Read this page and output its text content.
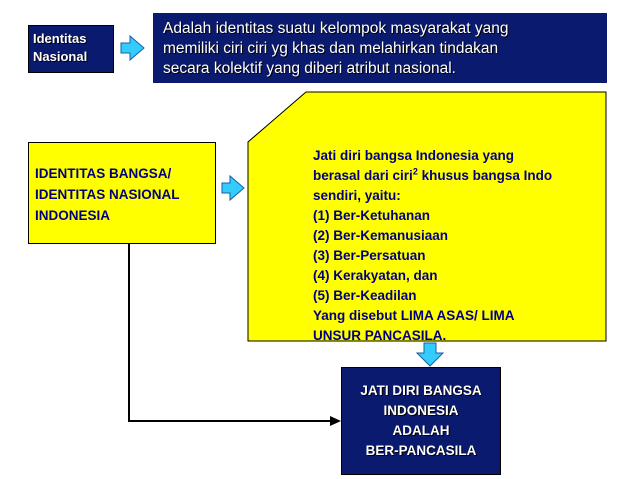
Identitas
Nasional
Adalah identitas suatu kelompok masyarakat yang
memiliki ciri ciri yg khas dan melahirkan tindakan
secara kolektif yang diberi atribut nasional.
IDENTITAS BANGSA/
IDENTITAS NASIONAL
INDONESIA
Jati diri bangsa Indonesia yang
berasal dari ciri$^2$ khusus bangsa Indo
sendiri, yaitu:
(1) Ber-Ketuhanan
(2) Ber-Kemanusiaan
(3) Ber-Persatuan
(4) Kerakyatan, dan
(5) Ber-Keadilan
Yang disebut LIMA ASAS/ LIMA
UNSUR PANCASILA.
JATI DIRI BANGSA
INDONESIA
ADALAH
BER-PANCASILA
